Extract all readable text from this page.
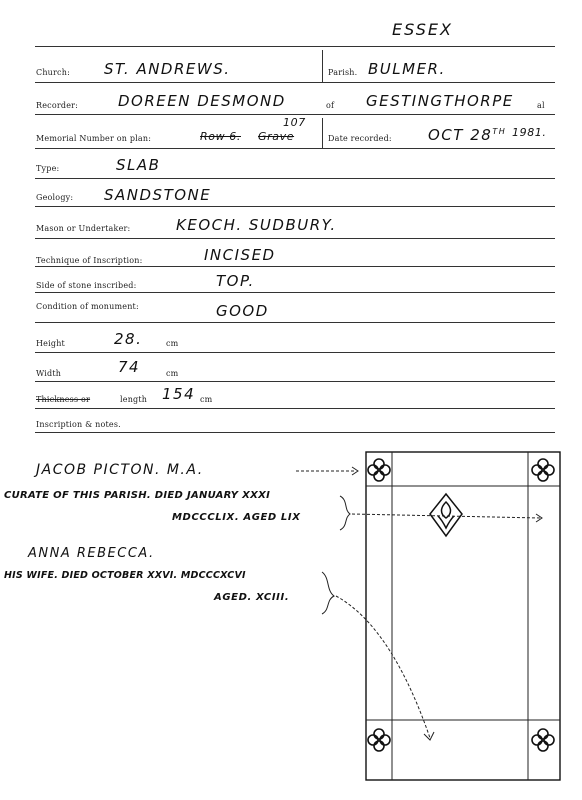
ESSEX
Church: ST. ANDREWS.	Parish. BULMER.
Recorder:	DOREEN DESMOND	of GESTINGTHORPE	al
Memorial Number on plan:	Row 6. Grave
107
Date recorded: OCT 28TH 1981.
Type:	SLAB
Geology: SANDSTONE
Mason or Undertaker:	KEOCH. SUDBURY.
Technique of Inscription:	INCISED
Side of stone inscribed:	TOP.
Condition of monument:	GOOD
Height	28.	cm
Width	74	cm
Thickness or	length 154 cm
Inscription & notes.
JACOB PICTON. M.A.
CURATE OF THIS PARISH. DIED JANUARY XXXI
MDCCCLIX. AGED LIX
ANNA REBECCA.
HIS WIFE. DIED OCTOBER XXVI. MDCCCXCVI
AGED. XCIII.
